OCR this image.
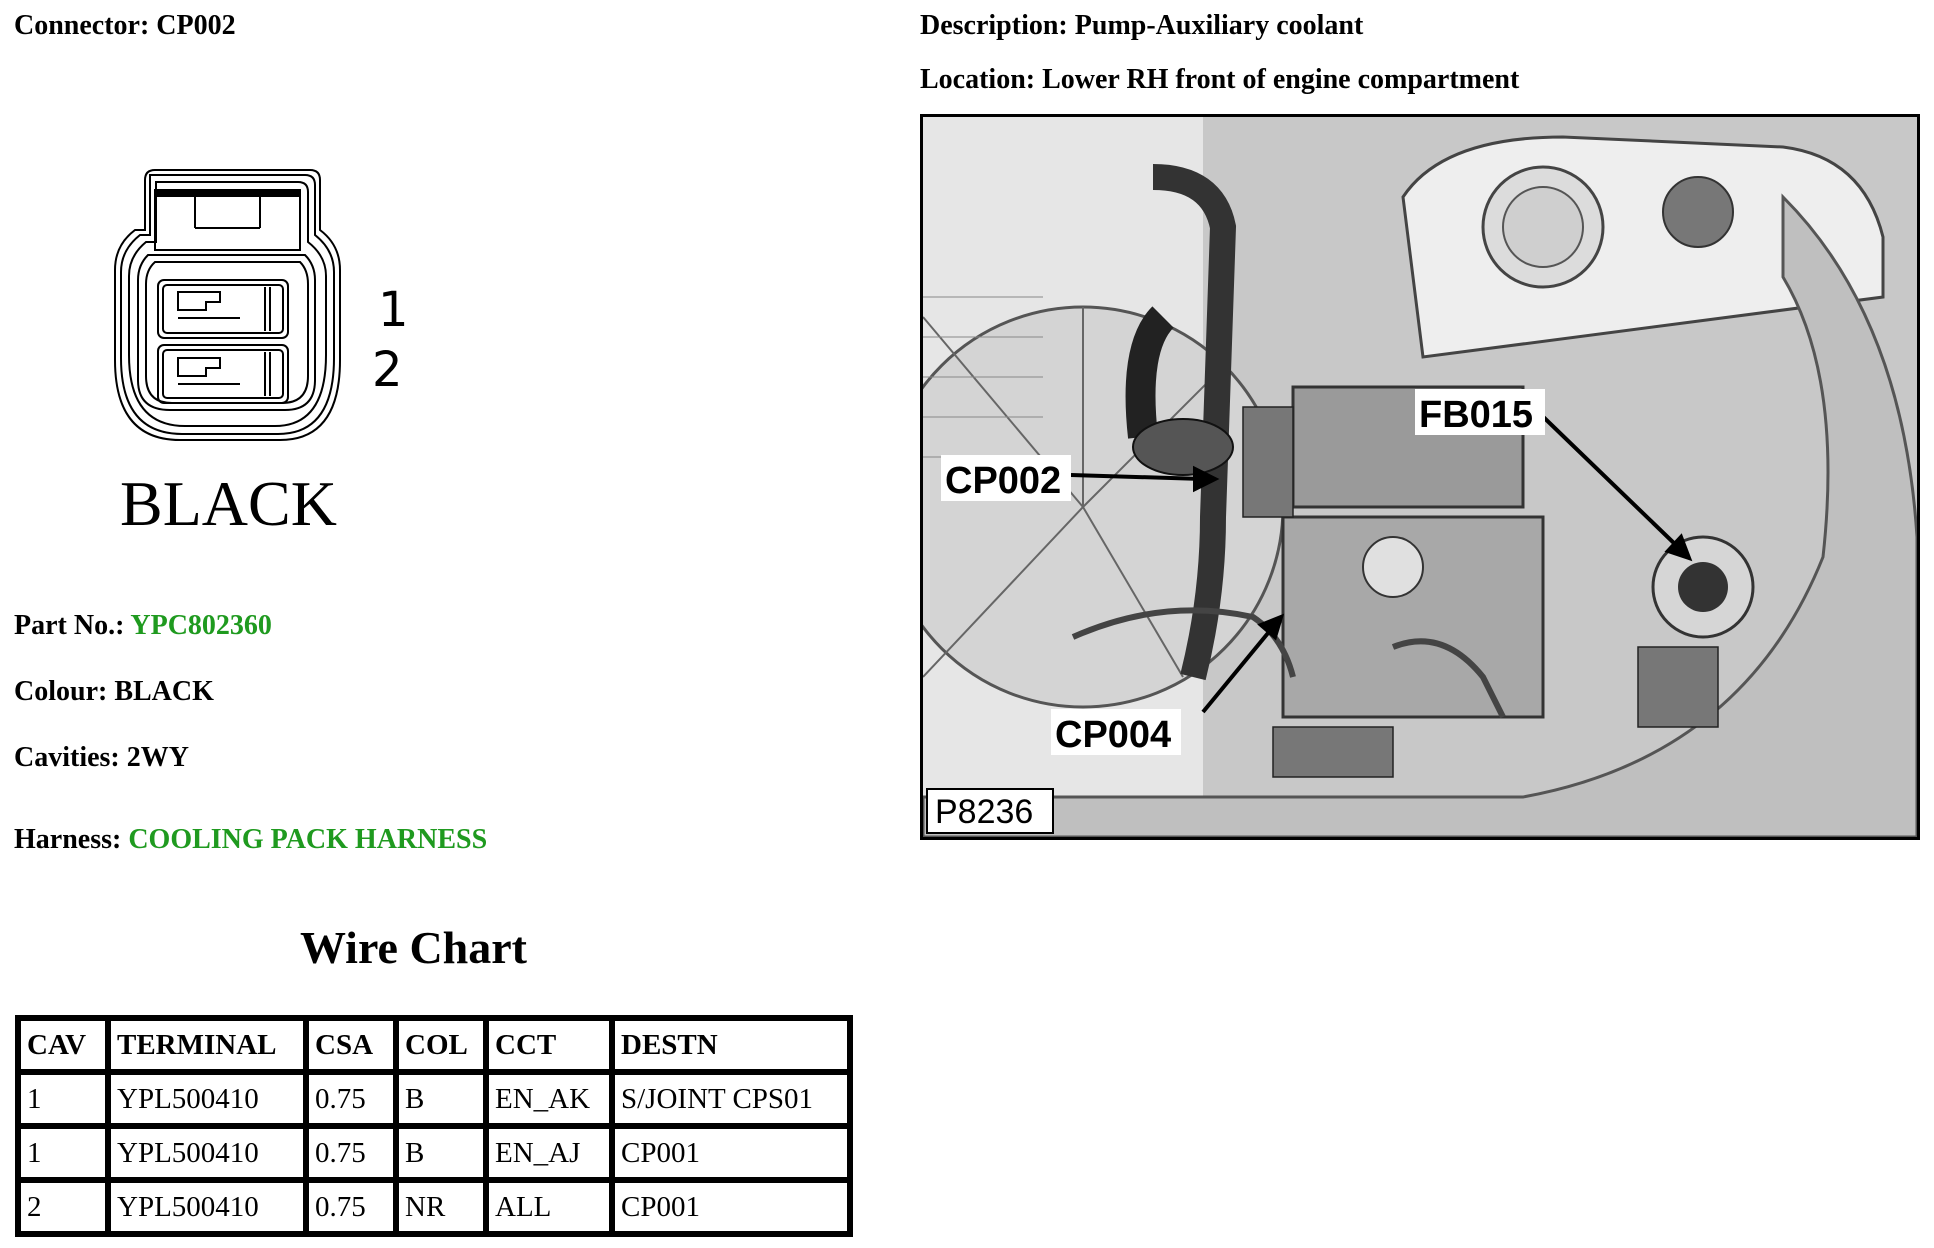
Connector: CP002	Description: Pump-Auxiliary coolant
Location: Lower RH front of engine compartment
1
2
BLACK
Part No.: YPC802360
Colour: BLACK
Cavities: 2WY
Harness: COOLING PACK HARNESS
CP002
FB015
CP004
P8236
Wire Chart
CAV	TERMINAL	CSA	COL	CCT	DESTN
1	YPL500410	0.75	B	EN_AK	S/JOINT CPS01
1	YPL500410	0.75	B	EN_AJ	CP001
2	YPL500410	0.75	NR	ALL	CP001
